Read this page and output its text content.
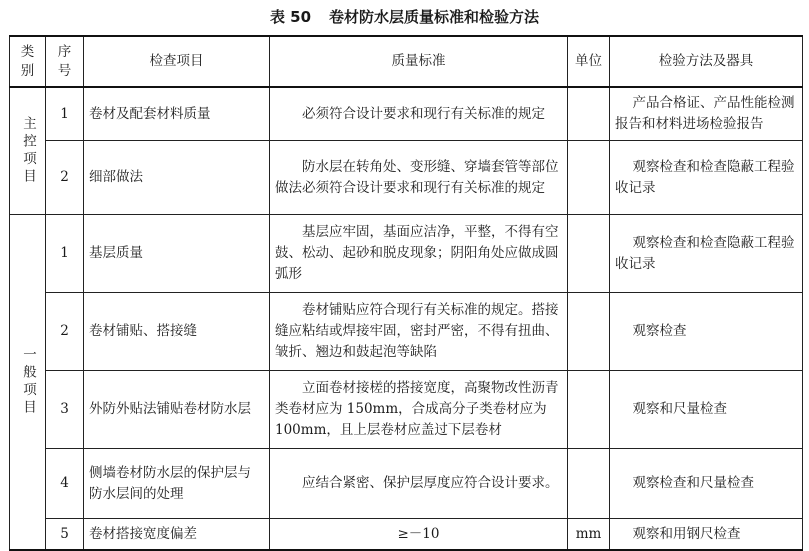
表 50 卷材防水层质量标准和检验方法
类别	序号	检查项目	质量标准	单位	检验方法及器具
主控项目	1	卷材及配套材料质量	必须符合设计要求和现行有关标准的规定		产品合格证、产品性能检测报告和材料进场检验报告
	2	细部做法	防水层在转角处、变形缝、穿墙套管等部位做法必须符合设计要求和现行有关标准的规定		观察检查和检查隐蔽工程验收记录
一般项目	1	基层质量	基层应牢固，基面应洁净，平整，不得有空鼓、松动、起砂和脱皮现象；阴阳角处应做成圆弧形		观察检查和检查隐蔽工程验收记录
	2	卷材铺贴、搭接缝	卷材铺贴应符合现行有关标准的规定。搭接缝应粘结或焊接牢固，密封严密，不得有扭曲、皱折、翘边和鼓起泡等缺陷		观察检查
	3	外防外贴法铺贴卷材防水层	立面卷材接槎的搭接宽度，高聚物改性沥青类卷材应为 150mm，合成高分子类卷材应为 100mm，且上层卷材应盖过下层卷材		观察和尺量检查
	4	侧墙卷材防水层的保护层与防水层间的处理	应结合紧密、保护层厚度应符合设计要求。		观察检查和尺量检查
	5	卷材搭接宽度偏差	≥－10	mm	观察和用钢尺检查
